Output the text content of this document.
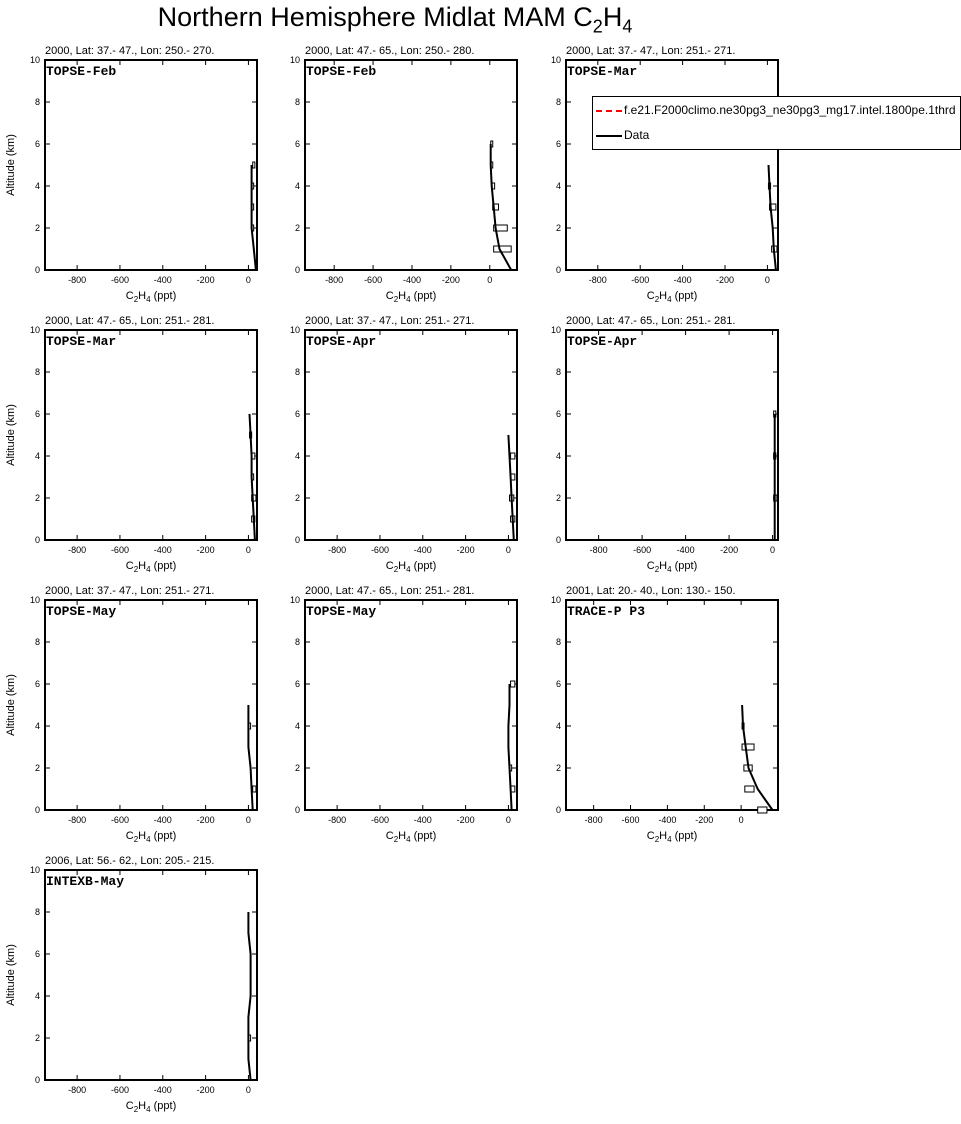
Northern Hemisphere Midlat MAM $C_2H_4$
2000, Lat: 37.- 47., Lon: 250.- 270.
TOPSE-Feb
0
2
4
6
8
10
-800	-600	-400	-200	0
$C_2H_4$ (ppt)
Altitude (km)
2000, Lat: 47.- 65., Lon: 250.- 280.
TOPSE-Feb
0
2
4
6
8
10
-800 -600 -400 -200	0
$C_2H_4$ (ppt)
2000, Lat: 37.- 47., Lon: 251.- 271.
TOPSE-Mar
0
2
4
6
8
10
-800	-600	-400	-200	0
$C_2H_4$ (ppt)
2000, Lat: 47.- 65., Lon: 251.- 281.
TOPSE-Mar
0
2
4
6
8
10
-800	-600	-400	-200	0
$C_2H_4$ (ppt)
Altitude (km)
2000, Lat: 37.- 47., Lon: 251.- 271.
TOPSE-Apr
0
2
4
6
8
10
-800	-600	-400	-200	0
$C_2H_4$ (ppt)
2000, Lat: 47.- 65., Lon: 251.- 281.
TOPSE-Apr
0
2
4
6
8
10
-800	-600	-400	-200	0
$C_2H_4$ (ppt)
2000, Lat: 37.- 47., Lon: 251.- 271.
TOPSE-May
0
2
4
6
8
10
-800	-600	-400	-200	0
$C_2H_4$ (ppt)
Altitude (km)
2000, Lat: 47.- 65., Lon: 251.- 281.
TOPSE-May
0
2
4
6
8
10
-800	-600	-400	-200	0
$C_2H_4$ (ppt)
2001, Lat: 20.- 40., Lon: 130.- 150.
TRACE-P P3
0
2
4
6
8
10
-800 -600 -400 -200	0
$C_2H_4$ (ppt)
2006, Lat: 56.- 62., Lon: 205.- 215.
INTEXB-May
0
2
4
6
8
10
-800	-600	-400	-200	0
$C_2H_4$ (ppt)
Altitude (km)
f.e21.F2000climo.ne30pg3_ne30pg3_mg17.intel.1800pe.1thrd
Data
